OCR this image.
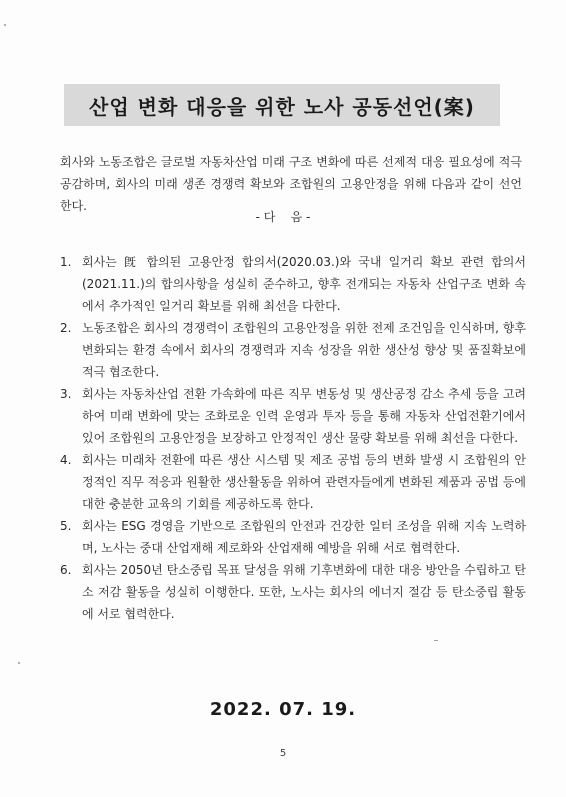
산업 변화 대응을 위한 노사 공동선언(案)

회사와 노동조합은 글로벌 자동차산업 미래 구조 변화에 따른 선제적 대응 필요성에 적극 공감하며, 회사의 미래 생존 경쟁력 확보와 조합원의 고용안정을 위해 다음과 같이 선언한다.

- 다    음 -
1. 회사는 旣 합의된 고용안정 합의서(2020.03.)와 국내 일거리 확보 관련 합의서(2021.11.)의 합의사항을 성실히 준수하고, 향후 전개되는 자동차 산업구조 변화 속에서 추가적인 일거리 확보를 위해 최선을 다한다.
2. 노동조합은 회사의 경쟁력이 조합원의 고용안정을 위한 전제 조건임을 인식하며, 향후 변화되는 환경 속에서 회사의 경쟁력과 지속 성장을 위한 생산성 향상 및 품질확보에 적극 협조한다.
3. 회사는 자동차산업 전환 가속화에 따른 직무 변동성 및 생산공정 감소 추세 등을 고려하여 미래 변화에 맞는 조화로운 인력 운영과 투자 등을 통해 자동차 산업전환기에서 있어 조합원의 고용안정을 보장하고 안정적인 생산 물량 확보를 위해 최선을 다한다.
4. 회사는 미래차 전환에 따른 생산 시스템 및 제조 공법 등의 변화 발생 시 조합원의 안정적인 직무 적응과 원활한 생산활동을 위하여 관련자들에게 변화된 제품과 공법 등에 대한 충분한 교육의 기회를 제공하도록 한다.
5. 회사는 ESG 경영을 기반으로 조합원의 안전과 건강한 일터 조성을 위해 지속 노력하며, 노사는 중대 산업재해 제로화와 산업재해 예방을 위해 서로 협력한다.
6. 회사는 2050년 탄소중립 목표 달성을 위해 기후변화에 대한 대응 방안을 수립하고 탄소 저감 활동을 성실히 이행한다. 또한, 노사는 회사의 에너지 절감 등 탄소중립 활동에 서로 협력한다.
2022. 07. 19.
5
